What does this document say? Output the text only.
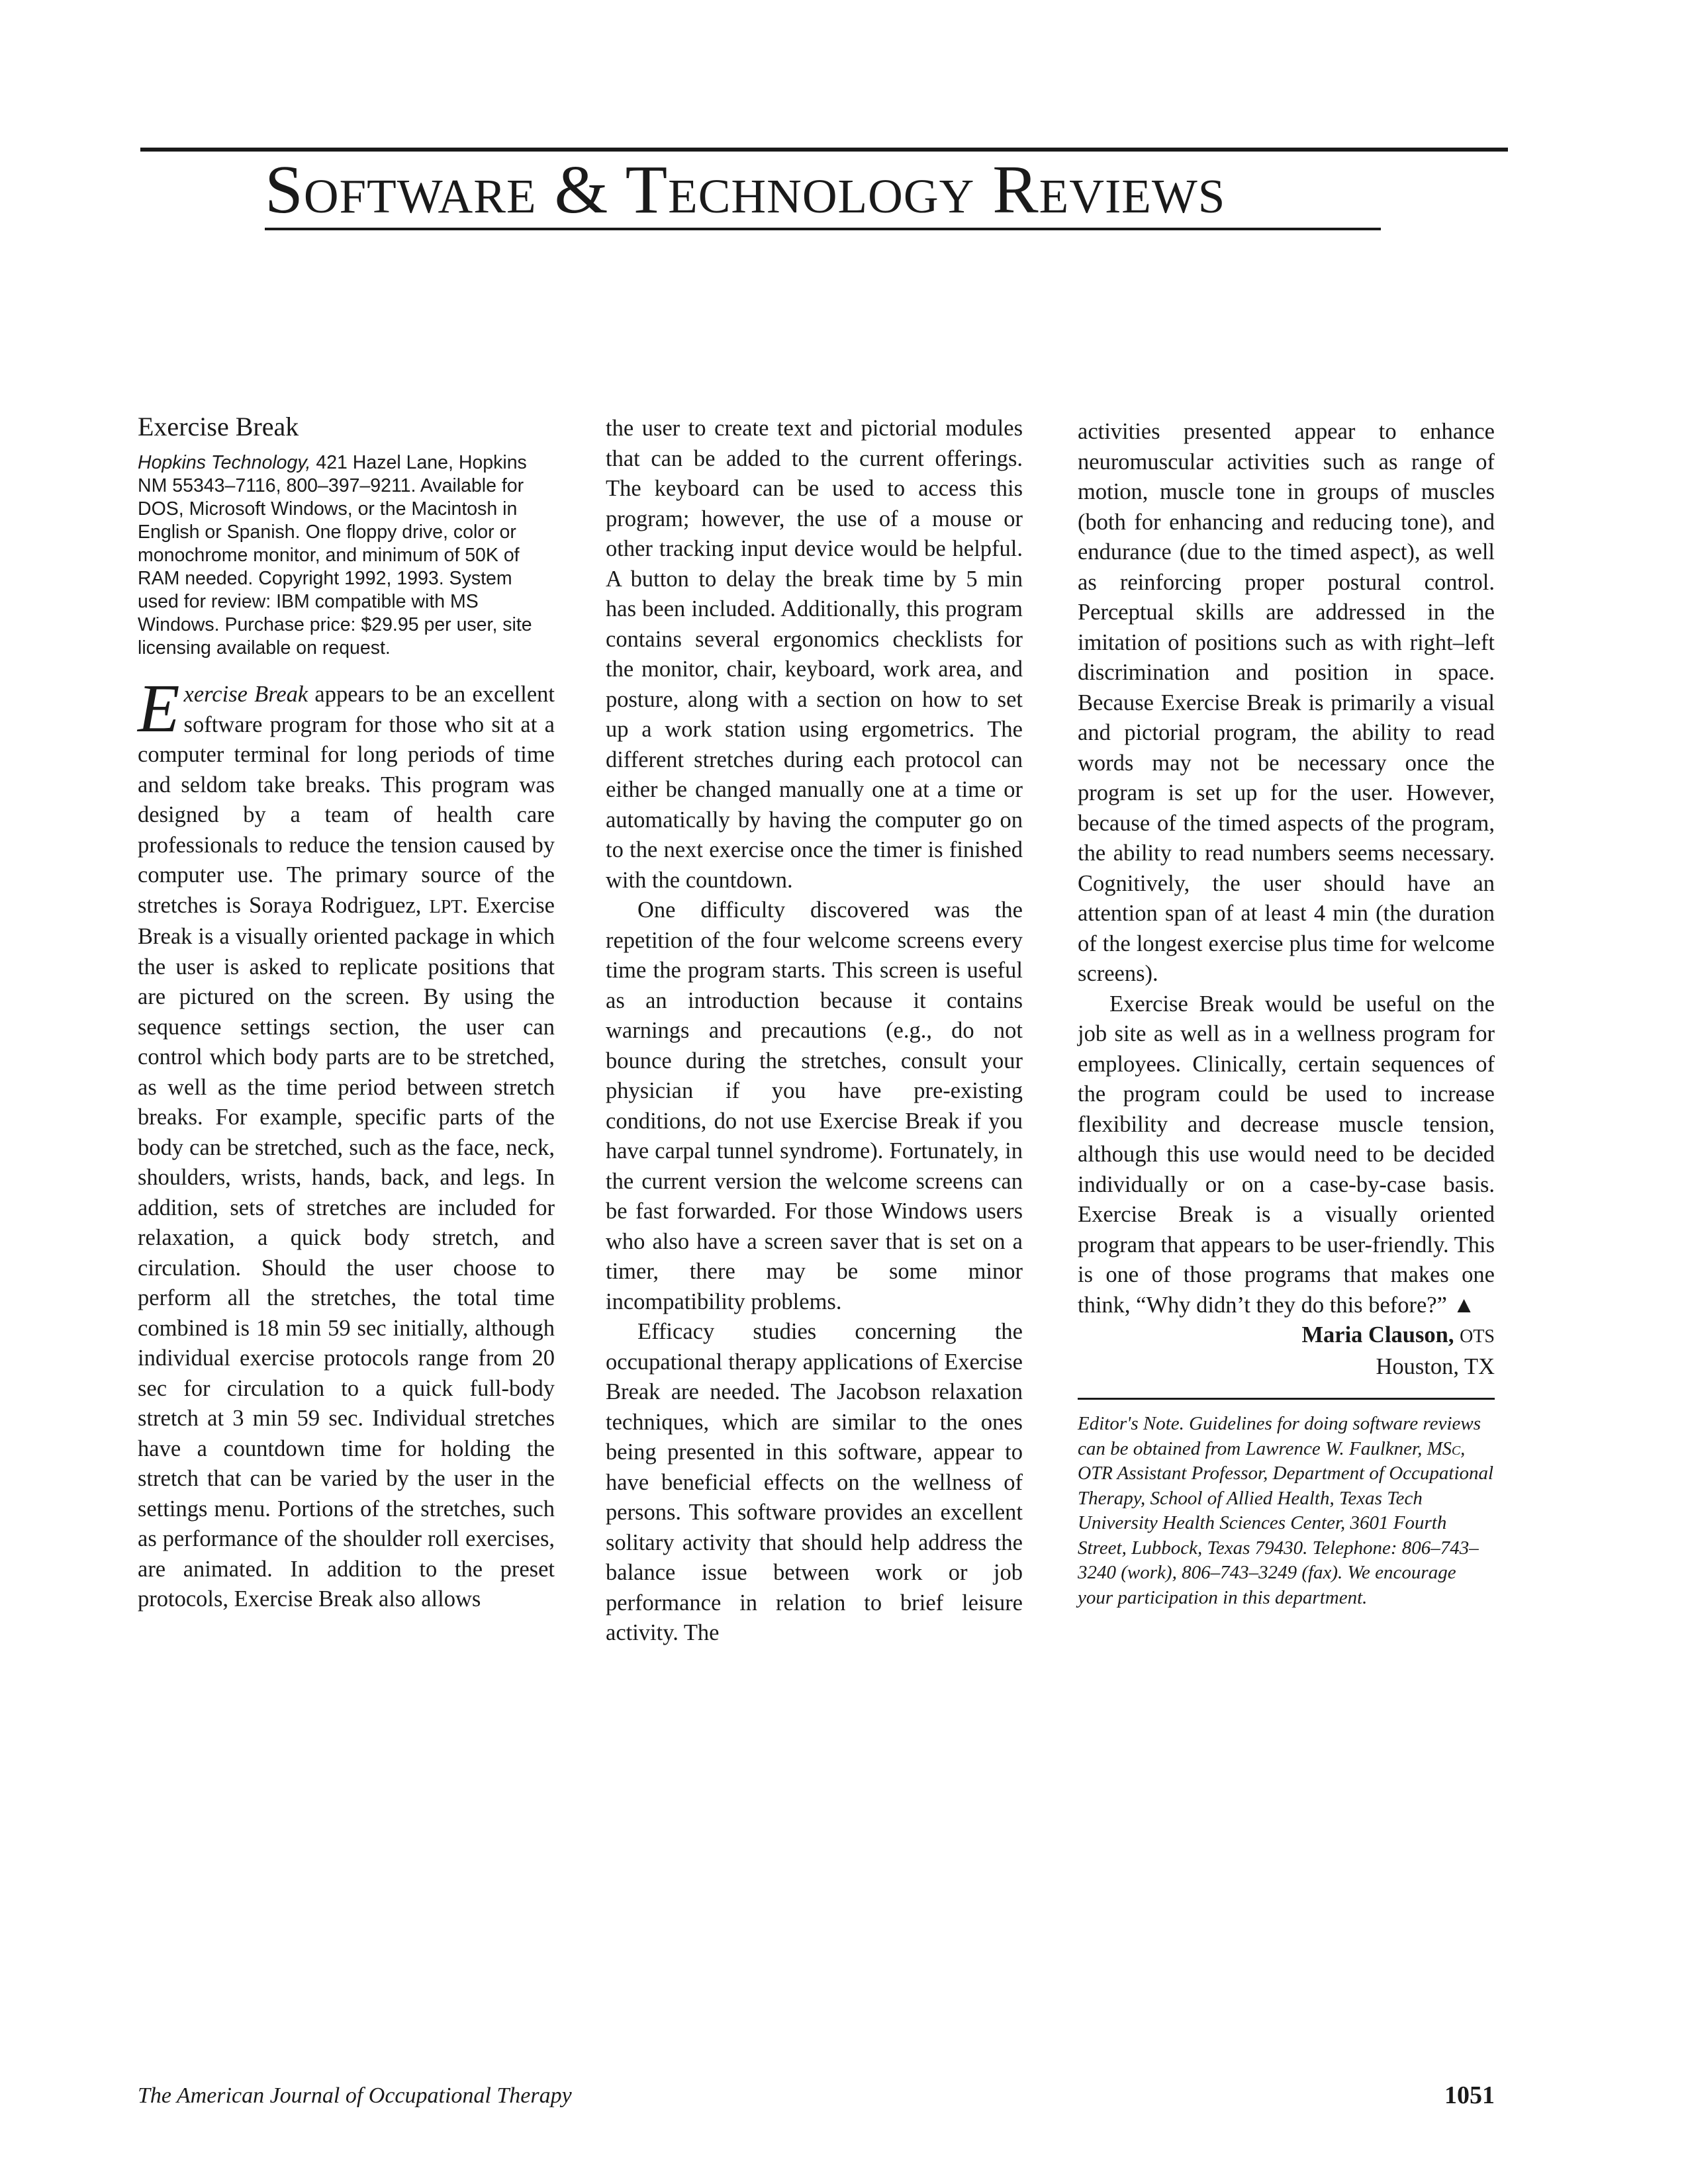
Software & Technology Reviews
Exercise Break

Hopkins Technology, 421 Hazel Lane, Hopkins NM 55343–7116, 800–397–9211. Available for DOS, Microsoft Windows, or the Macintosh in English or Spanish. One floppy drive, color or monochrome monitor, and minimum of 50K of RAM needed. Copyright 1992, 1993. System used for review: IBM compatible with MS Windows. Purchase price: $29.95 per user, site licensing available on request.

Exercise Break appears to be an excellent software program for those who sit at a computer terminal for long periods of time and seldom take breaks. This program was designed by a team of health care professionals to reduce the tension caused by computer use. The primary source of the stretches is Soraya Rodriguez, LPT. Exercise Break is a visually oriented package in which the user is asked to replicate positions that are pictured on the screen. By using the sequence settings section, the user can control which body parts are to be stretched, as well as the time period between stretch breaks. For example, specific parts of the body can be stretched, such as the face, neck, shoulders, wrists, hands, back, and legs. In addition, sets of stretches are included for relaxation, a quick body stretch, and circulation. Should the user choose to perform all the stretches, the total time combined is 18 min 59 sec initially, although individual exercise protocols range from 20 sec for circulation to a quick full-body stretch at 3 min 59 sec. Individual stretches have a countdown time for holding the stretch that can be varied by the user in the settings menu. Portions of the stretches, such as performance of the shoulder roll exercises, are animated. In addition to the preset protocols, Exercise Break also allows

the user to create text and pictorial modules that can be added to the current offerings. The keyboard can be used to access this program; however, the use of a mouse or other tracking input device would be helpful. A button to delay the break time by 5 min has been included. Additionally, this program contains several ergonomics checklists for the monitor, chair, keyboard, work area, and posture, along with a section on how to set up a work station using ergometrics. The different stretches during each protocol can either be changed manually one at a time or automatically by having the computer go on to the next exercise once the timer is finished with the countdown.

One difficulty discovered was the repetition of the four welcome screens every time the program starts. This screen is useful as an introduction because it contains warnings and precautions (e.g., do not bounce during the stretches, consult your physician if you have pre-existing conditions, do not use Exercise Break if you have carpal tunnel syndrome). Fortunately, in the current version the welcome screens can be fast forwarded. For those Windows users who also have a screen saver that is set on a timer, there may be some minor incompatibility problems.

Efficacy studies concerning the occupational therapy applications of Exercise Break are needed. The Jacobson relaxation techniques, which are similar to the ones being presented in this software, appear to have beneficial effects on the wellness of persons. This software provides an excellent solitary activity that should help address the balance issue between work or job performance in relation to brief leisure activity. The

activities presented appear to enhance neuromuscular activities such as range of motion, muscle tone in groups of muscles (both for enhancing and reducing tone), and endurance (due to the timed aspect), as well as reinforcing proper postural control. Perceptual skills are addressed in the imitation of positions such as with right–left discrimination and position in space. Because Exercise Break is primarily a visual and pictorial program, the ability to read words may not be necessary once the program is set up for the user. However, because of the timed aspects of the program, the ability to read numbers seems necessary. Cognitively, the user should have an attention span of at least 4 min (the duration of the longest exercise plus time for welcome screens).

Exercise Break would be useful on the job site as well as in a wellness program for employees. Clinically, certain sequences of the program could be used to increase flexibility and decrease muscle tension, although this use would need to be decided individually or on a case-by-case basis. Exercise Break is a visually oriented program that appears to be user-friendly. This is one of those programs that makes one think, “Why didn’t they do this before?” ▲

Maria Clauson, OTS

Houston, TX

Editor's Note. Guidelines for doing software reviews can be obtained from Lawrence W. Faulkner, MSc, OTR Assistant Professor, Department of Occupational Therapy, School of Allied Health, Texas Tech University Health Sciences Center, 3601 Fourth Street, Lubbock, Texas 79430. Telephone: 806–743–3240 (work), 806–743–3249 (fax). We encourage your participation in this department.

The American Journal of Occupational Therapy	1051
